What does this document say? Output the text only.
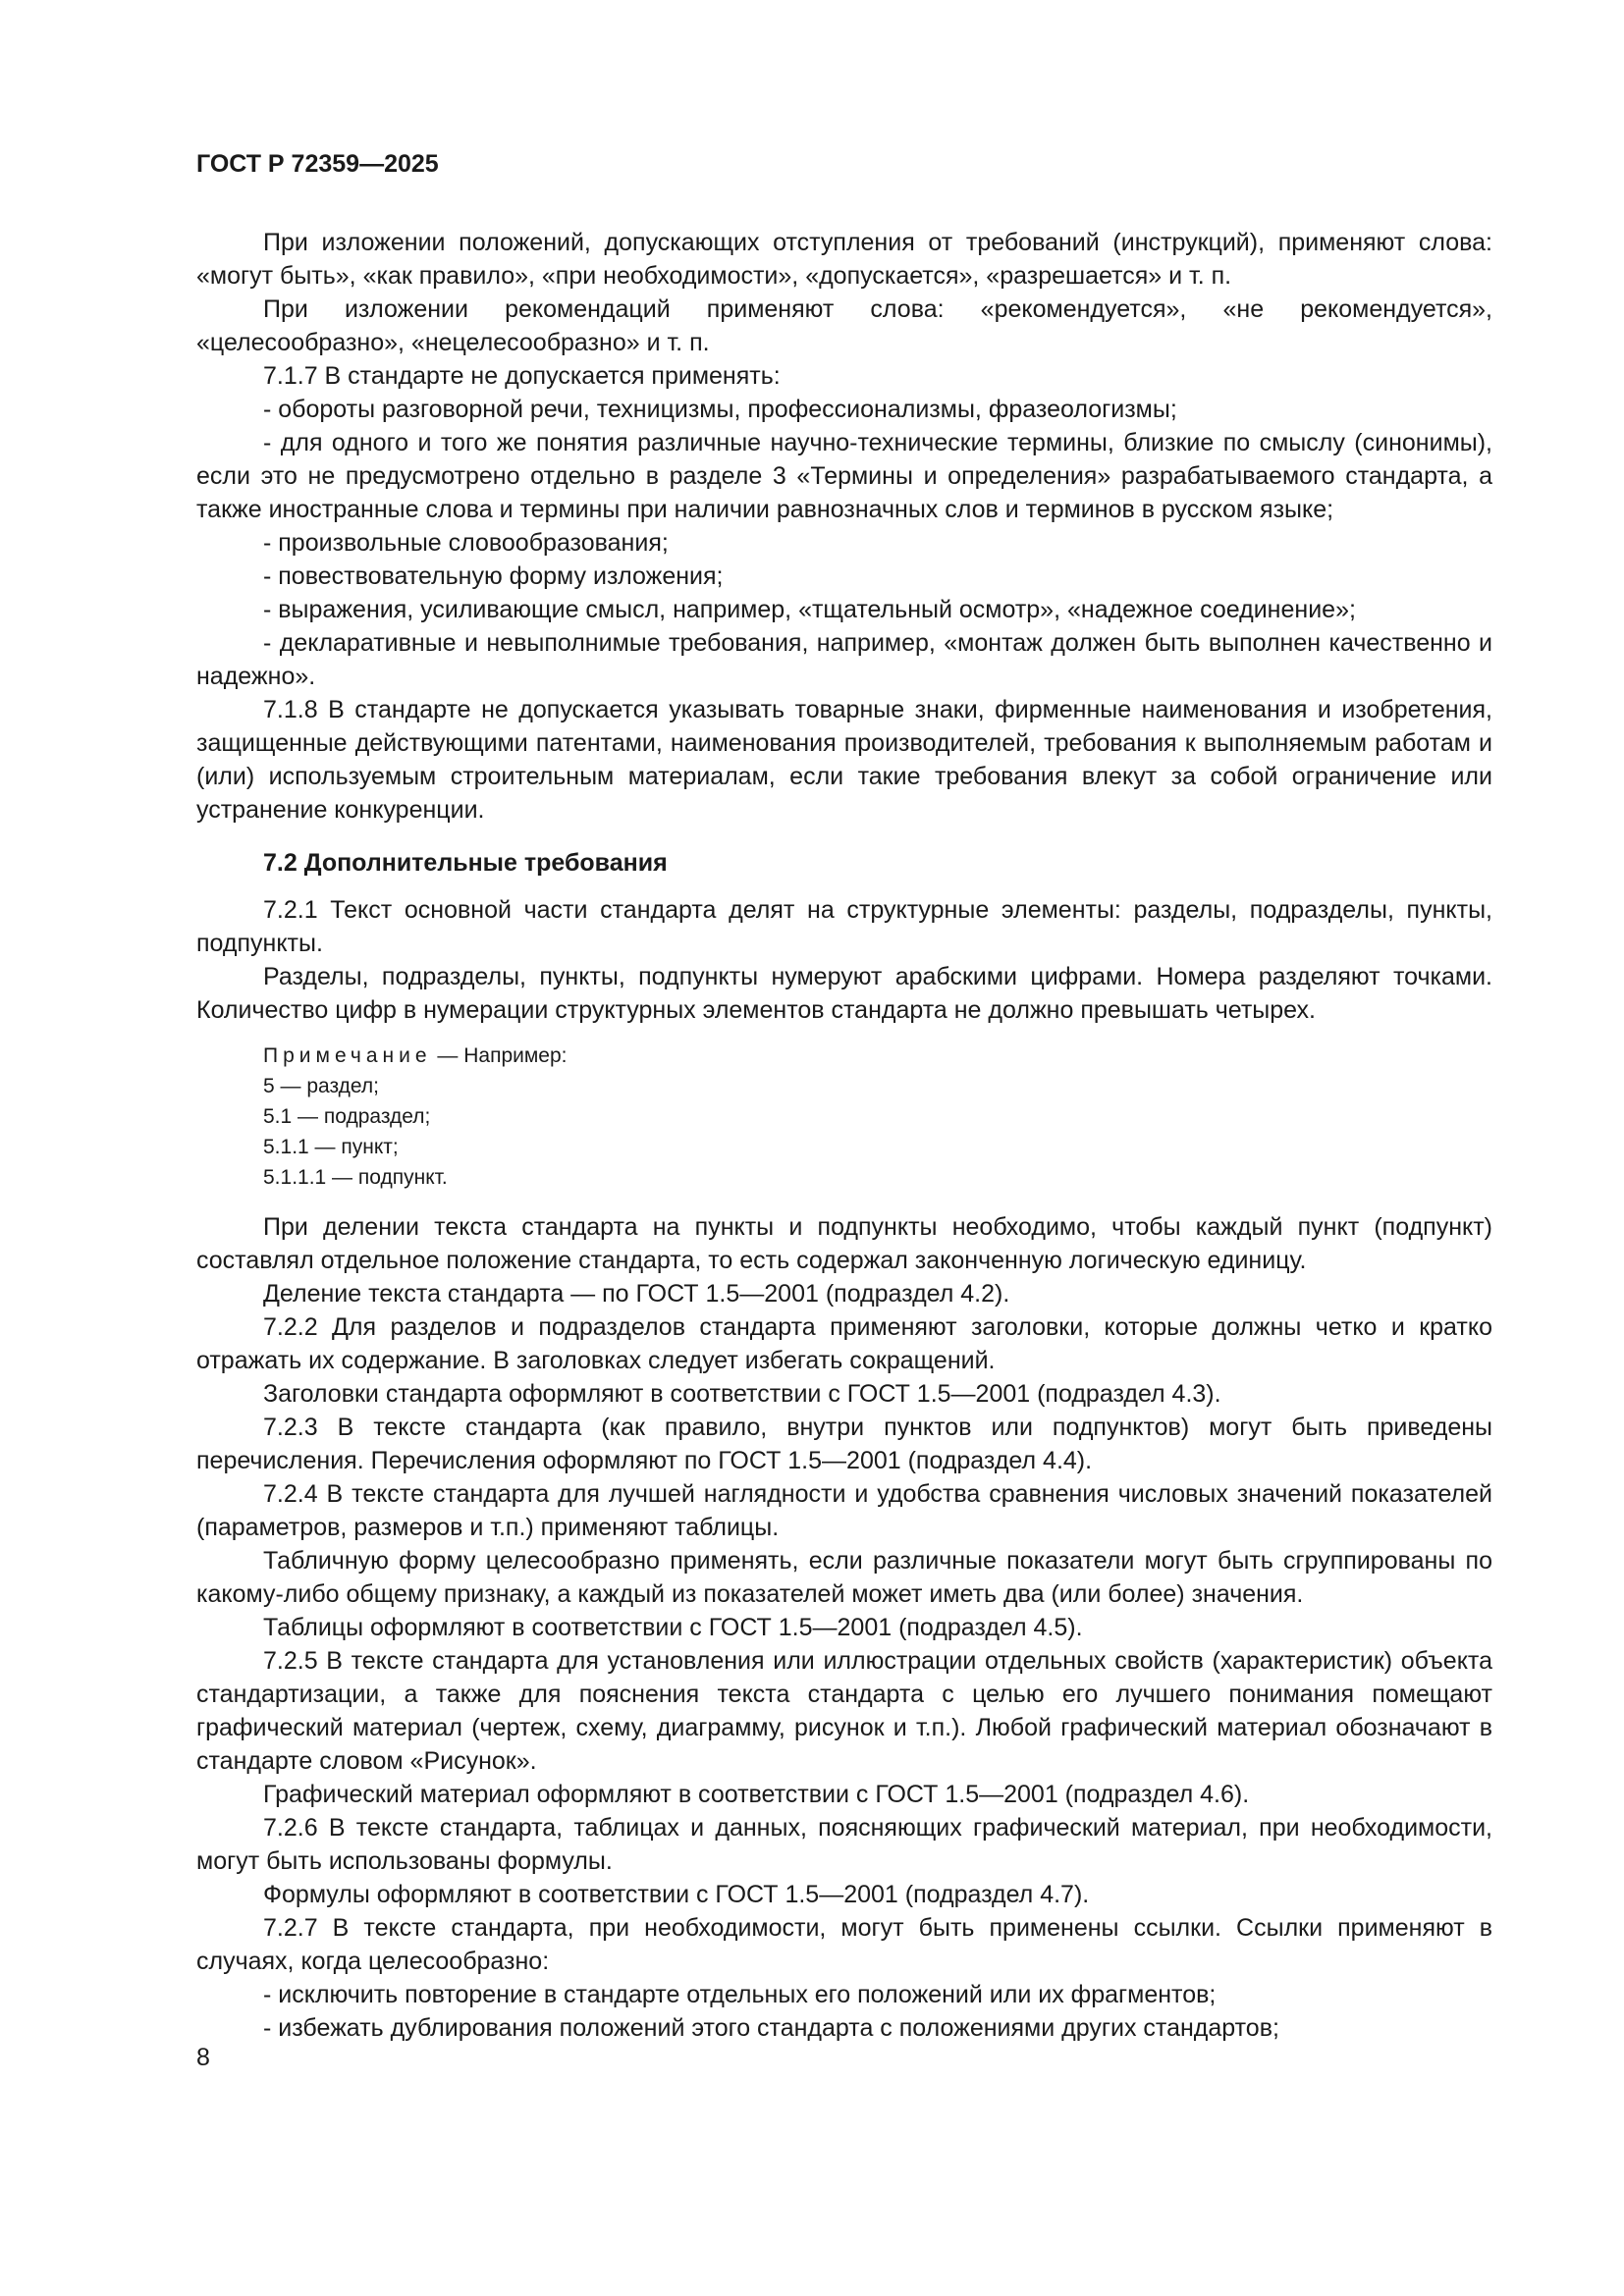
ГОСТ Р 72359—2025

При изложении положений, допускающих отступления от требований (инструкций), применяют слова: «могут быть», «как правило», «при необходимости», «допускается», «разрешается» и т. п.

При изложении рекомендаций применяют слова: «рекомендуется», «не рекомендуется», «целесообразно», «нецелесообразно» и т. п.

7.1.7 В стандарте не допускается применять:

- обороты разговорной речи, техницизмы, профессионализмы, фразеологизмы;

- для одного и того же понятия различные научно-технические термины, близкие по смыслу (синонимы), если это не предусмотрено отдельно в разделе 3 «Термины и определения» разрабатываемого стандарта, а также иностранные слова и термины при наличии равнозначных слов и терминов в русском языке;

- произвольные словообразования;

- повествовательную форму изложения;

- выражения, усиливающие смысл, например, «тщательный осмотр», «надежное соединение»;

- декларативные и невыполнимые требования, например, «монтаж должен быть выполнен качественно и надежно».

7.1.8 В стандарте не допускается указывать товарные знаки, фирменные наименования и изобретения, защищенные действующими патентами, наименования производителей, требования к выполняемым работам и (или) используемым строительным материалам, если такие требования влекут за собой ограничение или устранение конкуренции.

7.2 Дополнительные требования

7.2.1 Текст основной части стандарта делят на структурные элементы: разделы, подразделы, пункты, подпункты.

Разделы, подразделы, пункты, подпункты нумеруют арабскими цифрами. Номера разделяют точками. Количество цифр в нумерации структурных элементов стандарта не должно превышать четырех.

Примечание — Например:
5 — раздел;
5.1 — подраздел;
5.1.1 — пункт;
5.1.1.1 — подпункт.

При делении текста стандарта на пункты и подпункты необходимо, чтобы каждый пункт (подпункт) составлял отдельное положение стандарта, то есть содержал законченную логическую единицу.

Деление текста стандарта — по ГОСТ 1.5—2001 (подраздел 4.2).

7.2.2 Для разделов и подразделов стандарта применяют заголовки, которые должны четко и кратко отражать их содержание. В заголовках следует избегать сокращений.

Заголовки стандарта оформляют в соответствии с ГОСТ 1.5—2001 (подраздел 4.3).

7.2.3 В тексте стандарта (как правило, внутри пунктов или подпунктов) могут быть приведены перечисления. Перечисления оформляют по ГОСТ 1.5—2001 (подраздел 4.4).

7.2.4 В тексте стандарта для лучшей наглядности и удобства сравнения числовых значений показателей (параметров, размеров и т.п.) применяют таблицы.

Табличную форму целесообразно применять, если различные показатели могут быть сгруппированы по какому-либо общему признаку, а каждый из показателей может иметь два (или более) значения.

Таблицы оформляют в соответствии с ГОСТ 1.5—2001 (подраздел 4.5).

7.2.5 В тексте стандарта для установления или иллюстрации отдельных свойств (характеристик) объекта стандартизации, а также для пояснения текста стандарта с целью его лучшего понимания помещают графический материал (чертеж, схему, диаграмму, рисунок и т.п.). Любой графический материал обозначают в стандарте словом «Рисунок».

Графический материал оформляют в соответствии с ГОСТ 1.5—2001 (подраздел 4.6).

7.2.6 В тексте стандарта, таблицах и данных, поясняющих графический материал, при необходимости, могут быть использованы формулы.

Формулы оформляют в соответствии с ГОСТ 1.5—2001 (подраздел 4.7).

7.2.7 В тексте стандарта, при необходимости, могут быть применены ссылки. Ссылки применяют в случаях, когда целесообразно:

- исключить повторение в стандарте отдельных его положений или их фрагментов;

- избежать дублирования положений этого стандарта с положениями других стандартов;

8
